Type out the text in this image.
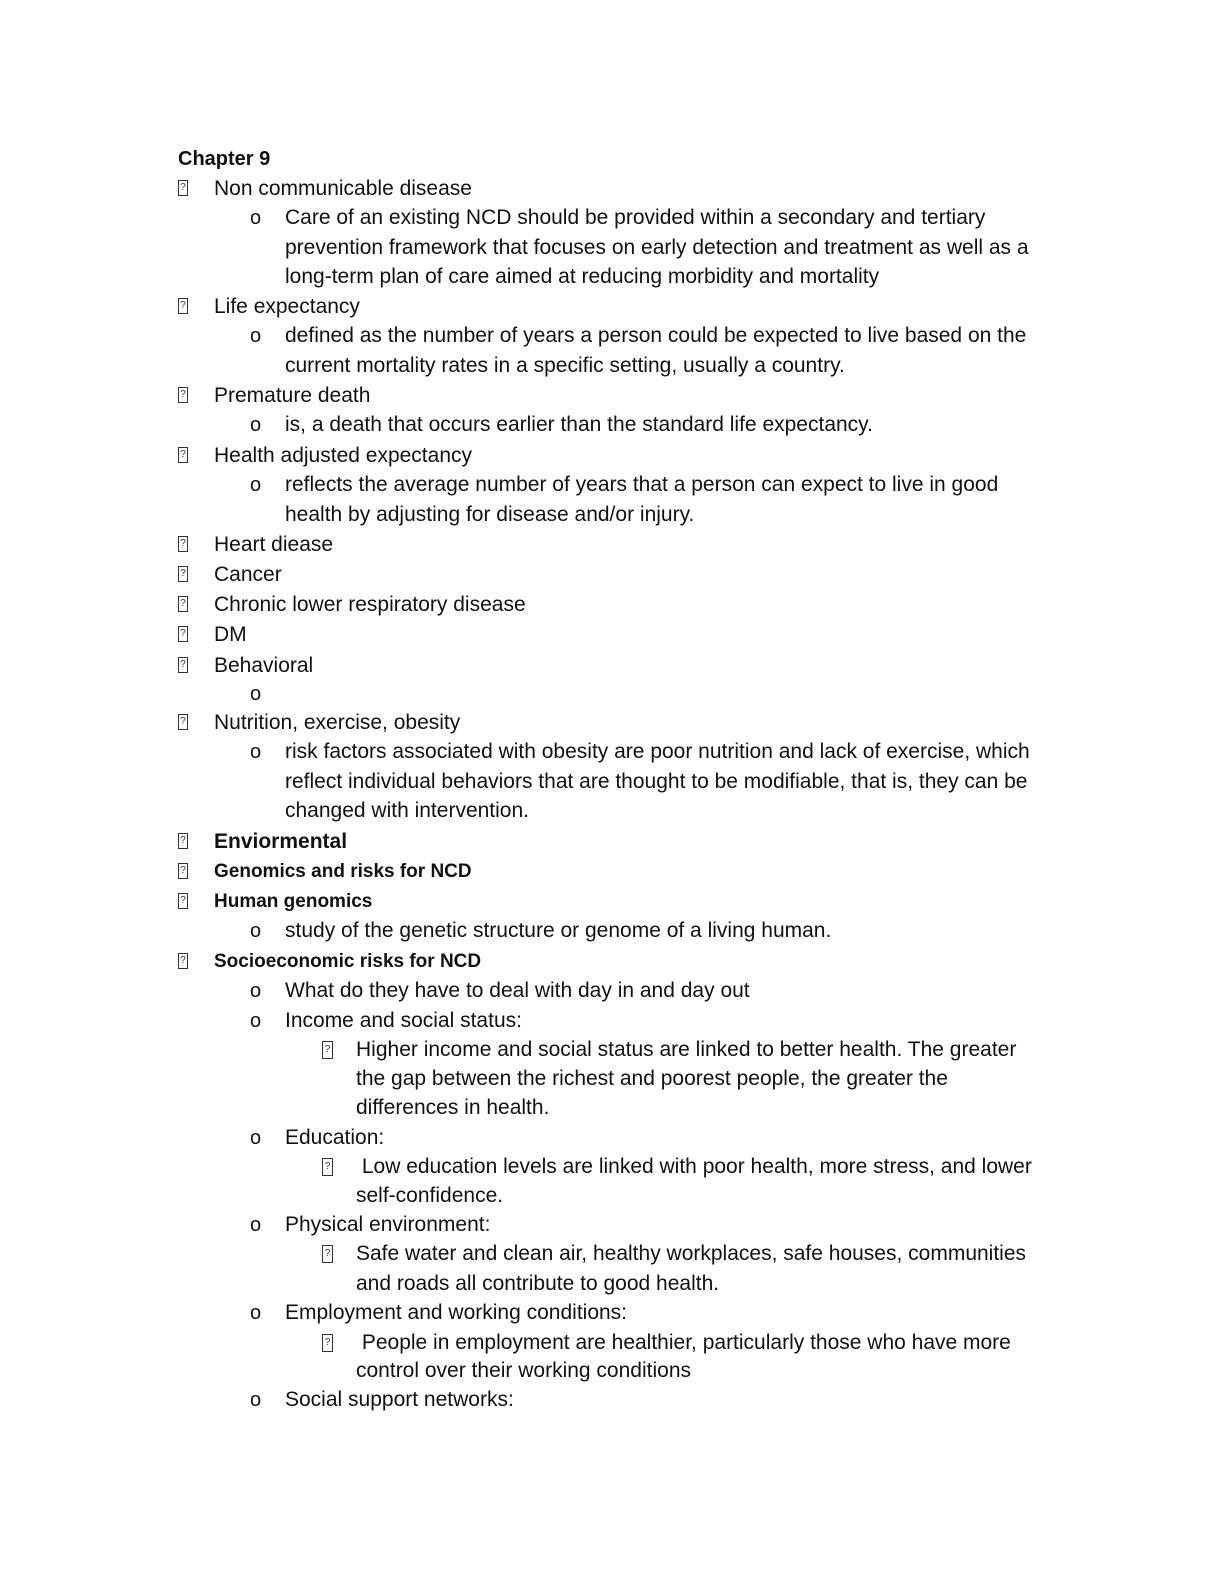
Chapter 9
? Non communicable disease
o Care of an existing NCD should be provided within a secondary and tertiary
prevention framework that focuses on early detection and treatment as well as a
long-term plan of care aimed at reducing morbidity and mortality
? Life expectancy
o defined as the number of years a person could be expected to live based on the
current mortality rates in a specific setting, usually a country.
? Premature death
o is, a death that occurs earlier than the standard life expectancy.
? Health adjusted expectancy
o reflects the average number of years that a person can expect to live in good
health by adjusting for disease and/or injury.
? Heart diease
? Cancer
? Chronic lower respiratory disease
? DM
? Behavioral
o
? Nutrition, exercise, obesity
o risk factors associated with obesity are poor nutrition and lack of exercise, which
reflect individual behaviors that are thought to be modifiable, that is, they can be
changed with intervention.
? Enviormental
? Genomics and risks for NCD
? Human genomics
o study of the genetic structure or genome of a living human.
? Socioeconomic risks for NCD
o What do they have to deal with day in and day out
o Income and social status:
? Higher income and social status are linked to better health. The greater
the gap between the richest and poorest people, the greater the
differences in health.
o Education:
? Low education levels are linked with poor health, more stress, and lower
self-confidence.
o Physical environment:
? Safe water and clean air, healthy workplaces, safe houses, communities
and roads all contribute to good health.
o Employment and working conditions:
? People in employment are healthier, particularly those who have more
control over their working conditions
o Social support networks:
